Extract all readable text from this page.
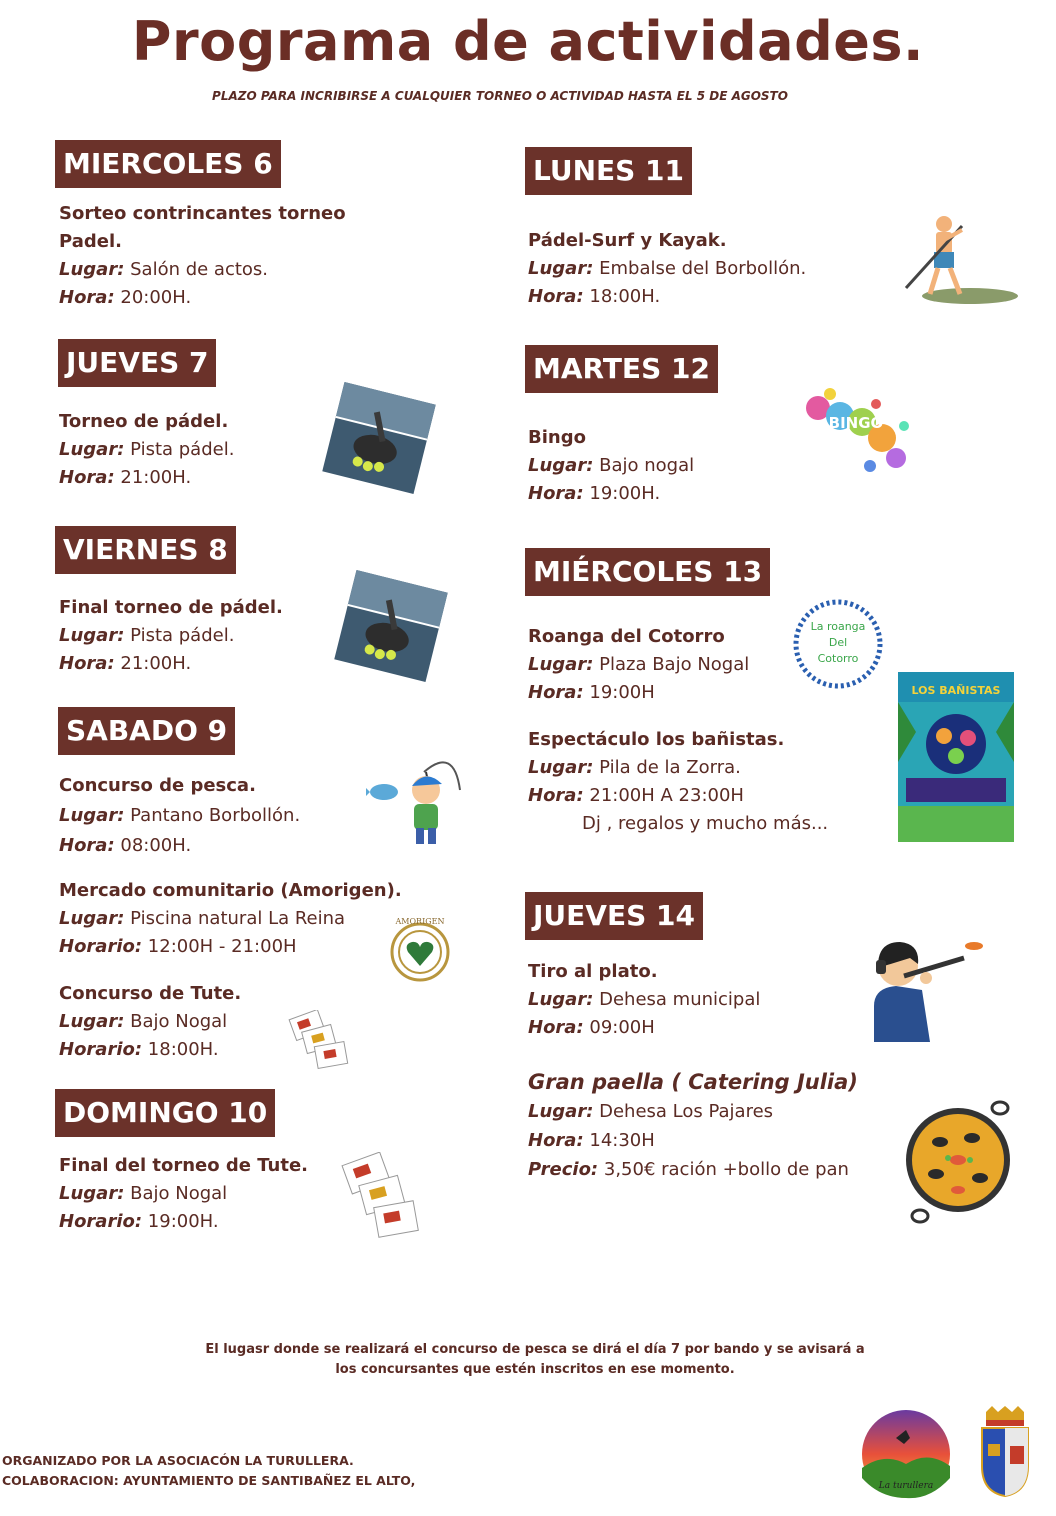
Programa de actividades.
PLAZO PARA INCRIBIRSE A CUALQUIER TORNEO O ACTIVIDAD HASTA EL 5 DE AGOSTO
MIERCOLES 6
Sorteo contrincantes torneo
Padel.
Lugar: Salón de actos.
Hora: 20:00H.
JUEVES 7
Torneo de pádel.
Lugar: Pista pádel.
Hora: 21:00H.
VIERNES 8
Final torneo de pádel.
Lugar: Pista pádel.
Hora: 21:00H.
SABADO 9
Concurso de pesca.
Lugar: Pantano Borbollón.
Hora: 08:00H.
Mercado comunitario (Amorigen).
Lugar: Piscina natural La Reina
Horario: 12:00H - 21:00H
AMORIGEN
Concurso de Tute.
Lugar: Bajo Nogal
Horario: 18:00H.
DOMINGO 10
Final del torneo de Tute.
Lugar: Bajo Nogal
Horario: 19:00H.
LUNES 11
Pádel-Surf y Kayak.
Lugar: Embalse del Borbollón.
Hora: 18:00H.
MARTES 12
Bingo
Lugar: Bajo nogal
Hora: 19:00H.
BINGO
MIÉRCOLES 13
Roanga del Cotorro
Lugar: Plaza Bajo Nogal
Hora: 19:00H
La roanga
Del
Cotorro
Espectáculo los bañistas.
Lugar: Pila de la Zorra.
Hora: 21:00H A 23:00H
Dj , regalos y mucho más...
LOS BAÑISTAS
JUEVES 14
Tiro al plato.
Lugar: Dehesa municipal
Hora: 09:00H
Gran paella ( Catering Julia)
Lugar: Dehesa Los Pajares
Hora: 14:30H
Precio: 3,50€ ración +bollo de pan
El lugasr donde se realizará el concurso de pesca se dirá el día 7 por bando y se avisará a
los concursantes que estén inscritos en ese momento.
ORGANIZADO POR LA ASOCIACÓN LA TURULLERA.
COLABORACION: AYUNTAMIENTO DE SANTIBAÑEZ EL ALTO,	La turullera
